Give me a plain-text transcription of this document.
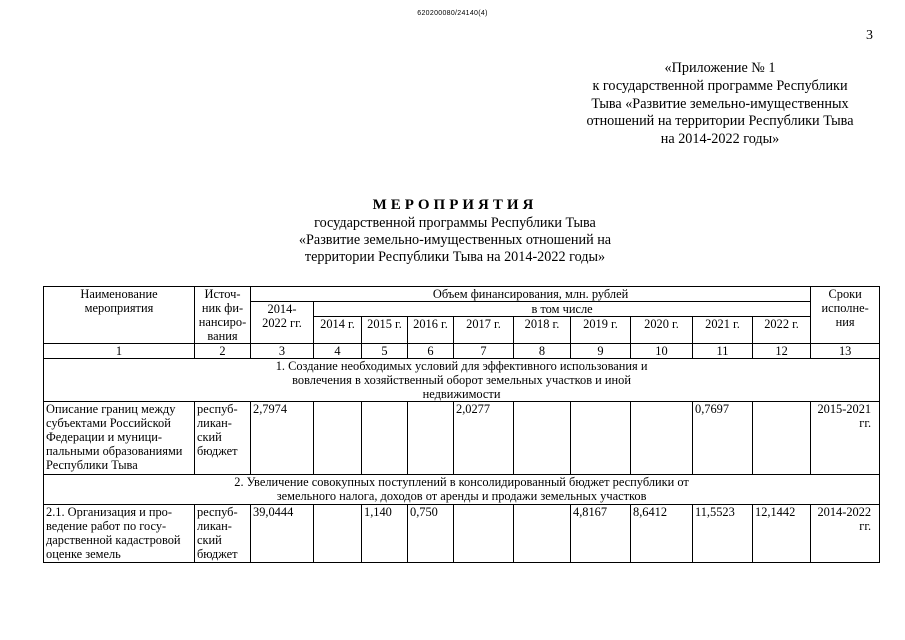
620200080/24140(4)
3
«Приложение № 1
к государственной программе Республики
Тыва «Развитие земельно-имущественных
отношений на территории Республики Тыва
на 2014-2022 годы»
МЕРОПРИЯТИЯ
государственной программы Республики Тыва
«Развитие земельно-имущественных отношений на
территории Республики Тыва на 2014-2022 годы»
Наименование мероприятия	Источ-ник фи-нансиро-вания	Объем финансирования, млн. рублей										Сроки исполне-ния
		2014-2022 гг.	в том числе									
			2014 г.	2015 г.	2016 г.	2017 г.	2018 г.	2019 г.	2020 г.	2021 г.	2022 г.	
1	2	3	4	5	6	7	8	9	10	11	12	13
1. Создание необходимых условий для эффективного использования и вовлечения в хозяйственный оборот земельных участков и иной недвижимости												
Описание границ между субъектами Российской Федерации и муници-пальными образованиями Республики Тыва	респуб-ликан-ский бюджет	2,7974				2,0277				0,7697		2015-2021 гг.
2. Увеличение совокупных поступлений в консолидированный бюджет республики от земельного налога, доходов от аренды и продажи земельных участков												
2.1. Организация и про-ведение работ по госу-дарственной кадастровой оценке земель	респуб-ликан-ский бюджет	39,0444		1,140	0,750			4,8167	8,6412	11,5523	12,1442	2014-2022 гг.
